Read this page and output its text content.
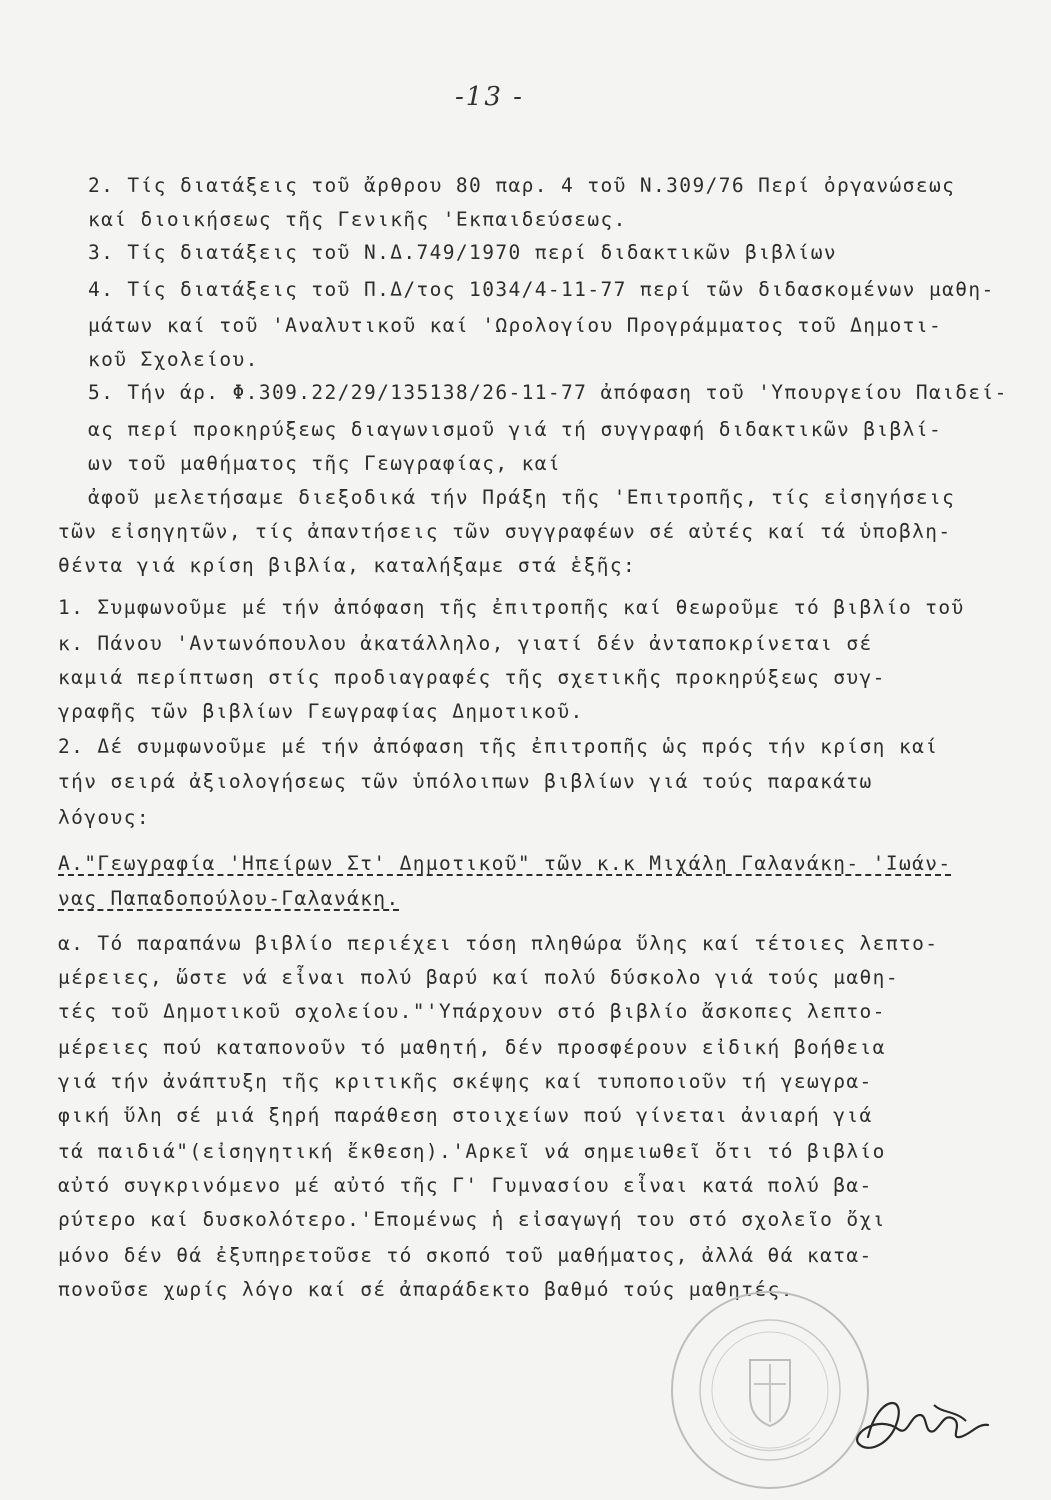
-13 -
2. Τίς διατάξεις τοῦ ἄρθρου 80 παρ. 4 τοῦ Ν.309/76 Περί ὀργανώσεως
καί διοικήσεως τῆς Γενικῆς 'Εκπαιδεύσεως.
3. Τίς διατάξεις τοῦ Ν.Δ.749/1970 περί διδακτικῶν βιβλίων
4. Τίς διατάξεις τοῦ Π.Δ/τος 1034/4-11-77 περί τῶν διδασκομένων μαθη-
μάτων καί τοῦ 'Αναλυτικοῦ καί 'Ωρολογίου Προγράμματος τοῦ Δημοτι-
κοῦ Σχολείου.
5. Τήν άρ. Φ.309.22/29/135138/26-11-77 ἀπόφαση τοῦ 'Υπουργείου Παιδεί-
ας περί προκηρύξεως διαγωνισμοῦ γιά τή συγγραφή διδακτικῶν βιβλί-
ων τοῦ μαθήματος τῆς Γεωγραφίας, καί
ἀφοῦ μελετήσαμε διεξοδικά τήν Πράξη τῆς 'Επιτροπῆς, τίς εἰσηγήσεις
τῶν εἰσηγητῶν, τίς ἀπαντήσεις τῶν συγγραφέων σέ αὐτές καί τά ὑποβλη-
θέντα γιά κρίση βιβλία, καταλήξαμε στά ἑξῆς:
1. Συμφωνοῦμε μέ τήν ἀπόφαση τῆς ἐπιτροπῆς καί θεωροῦμε τό βιβλίο τοῦ
κ. Πάνου 'Αντωνόπουλου ἀκατάλληλο, γιατί δέν ἀνταποκρίνεται σέ
καμιά περίπτωση στίς προδιαγραφές τῆς σχετικῆς προκηρύξεως συγ-
γραφῆς τῶν βιβλίων Γεωγραφίας Δημοτικοῦ.
2. Δέ συμφωνοῦμε μέ τήν ἀπόφαση τῆς ἐπιτροπῆς ὡς πρός τήν κρίση καί
τήν σειρά ἀξιολογήσεως τῶν ὑπόλοιπων βιβλίων γιά τούς παρακάτω
λόγους:
Α."Γεωγραφία 'Ηπείρων Στ' Δημοτικοῦ" τῶν κ.κ Μιχάλη Γαλανάκη- 'Ιωάν-
νας Παπαδοπούλου-Γαλανάκη.
α. Τό παραπάνω βιβλίο περιέχει τόση πληθώρα ὕλης καί τέτοιες λεπτο-
μέρειες, ὥστε νά εἶναι πολύ βαρύ καί πολύ δύσκολο γιά τούς μαθη-
τές τοῦ Δημοτικοῦ σχολείου."'Υπάρχουν στό βιβλίο ἄσκοπες λεπτο-
μέρειες πού καταπονοῦν τό μαθητή, δέν προσφέρουν εἰδική βοήθεια
γιά τήν ἀνάπτυξη τῆς κριτικῆς σκέψης καί τυποποιοῦν τή γεωγρα-
φική ὕλη σέ μιά ξηρή παράθεση στοιχείων πού γίνεται ἀνιαρή γιά
τά παιδιά"(εἰσηγητική ἔκθεση).'Αρκεῖ νά σημειωθεῖ ὅτι τό βιβλίο
αὐτό συγκρινόμενο μέ αὐτό τῆς Γ' Γυμνασίου εἶναι κατά πολύ βα-
ρύτερο καί δυσκολότερο.'Επομένως ἡ εἰσαγωγή του στό σχολεῖο ὄχι
μόνο δέν θά ἐξυπηρετοῦσε τό σκοπό τοῦ μαθήματος, ἀλλά θά κατα-
πονοῦσε χωρίς λόγο καί σέ ἀπαράδεκτο βαθμό τούς μαθητές.
